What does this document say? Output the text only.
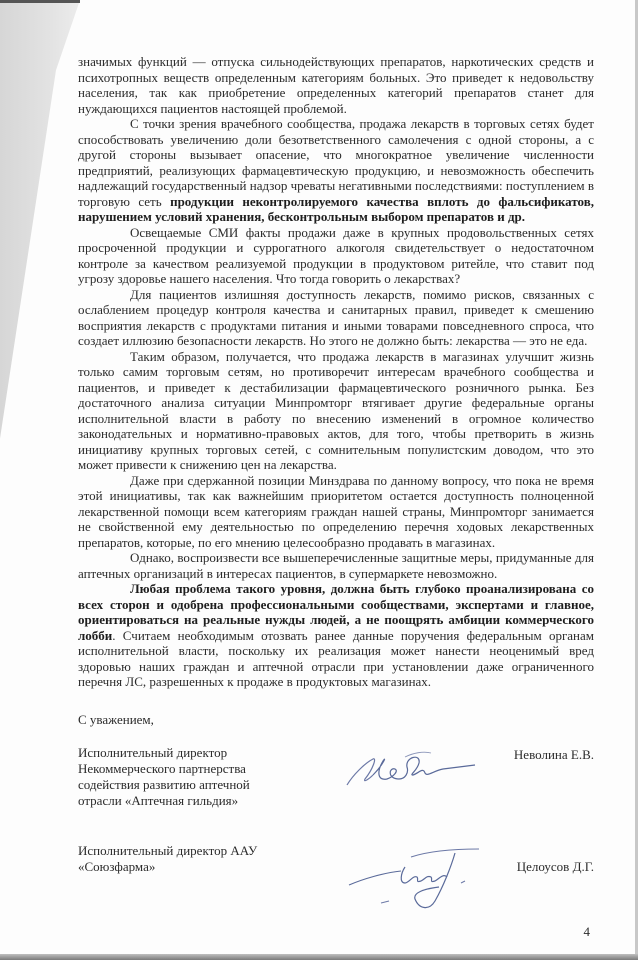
значимых функций — отпуска сильнодействующих препаратов, наркотических средств и психотропных веществ определенным категориям больных. Это приведет к недовольству населения, так как приобретение определенных категорий препаратов станет для нуждающихся пациентов настоящей проблемой.

С точки зрения врачебного сообщества, продажа лекарств в торговых сетях будет способствовать увеличению доли безответственного самолечения с одной стороны, а с другой стороны вызывает опасение, что многократное увеличение численности предприятий, реализующих фармацевтическую продукцию, и невозможность обеспечить надлежащий государственный надзор чреваты негативными последствиями: поступлением в торговую сеть продукции неконтролируемого качества вплоть до фальсификатов, нарушением условий хранения, бесконтрольным выбором препаратов и др.

Освещаемые СМИ факты продажи даже в крупных продовольственных сетях просроченной продукции и суррогатного алкоголя свидетельствует о недостаточном контроле за качеством реализуемой продукции в продуктовом ритейле, что ставит под угрозу здоровье нашего населения. Что тогда говорить о лекарствах?

Для пациентов излишняя доступность лекарств, помимо рисков, связанных с ослаблением процедур контроля качества и санитарных правил, приведет к смешению восприятия лекарств с продуктами питания и иными товарами повседневного спроса, что создает иллюзию безопасности лекарств. Но этого не должно быть: лекарства — это не еда.

Таким образом, получается, что продажа лекарств в магазинах улучшит жизнь только самим торговым сетям, но противоречит интересам врачебного сообщества и пациентов, и приведет к дестабилизации фармацевтического розничного рынка. Без достаточного анализа ситуации Минпромторг втягивает другие федеральные органы исполнительной власти в работу по внесению изменений в огромное количество законодательных и нормативно-правовых актов, для того, чтобы претворить в жизнь инициативу крупных торговых сетей, с сомнительным популистским доводом, что это может привести к снижению цен на лекарства.

Даже при сдержанной позиции Минздрава по данному вопросу, что пока не время этой инициативы, так как важнейшим приоритетом остается доступность полноценной лекарственной помощи всем категориям граждан нашей страны, Минпромторг занимается не свойственной ему деятельностью по определению перечня ходовых лекарственных препаратов, которые, по его мнению целесообразно продавать в магазинах.

Однако, воспроизвести все вышеперечисленные защитные меры, придуманные для аптечных организаций в интересах пациентов, в супермаркете невозможно.

Любая проблема такого уровня, должна быть глубоко проанализирована со всех сторон и одобрена профессиональными сообществами, экспертами и главное, ориентироваться на реальные нужды людей, а не поощрять амбиции коммерческого лобби. Считаем необходимым отозвать ранее данные поручения федеральным органам исполнительной власти, поскольку их реализация может нанести неоценимый вред здоровью наших граждан и аптечной отрасли при установлении даже ограниченного перечня ЛС, разрешенных к продаже в продуктовых магазинах.

С уважением,
Исполнительный директор
Некоммерческого партнерства
содействия развитию аптечной
отрасли «Аптечная гильдия»
Неволина Е.В.
Исполнительный директор ААУ
«Союзфарма»	Целоусов Д.Г.
4
